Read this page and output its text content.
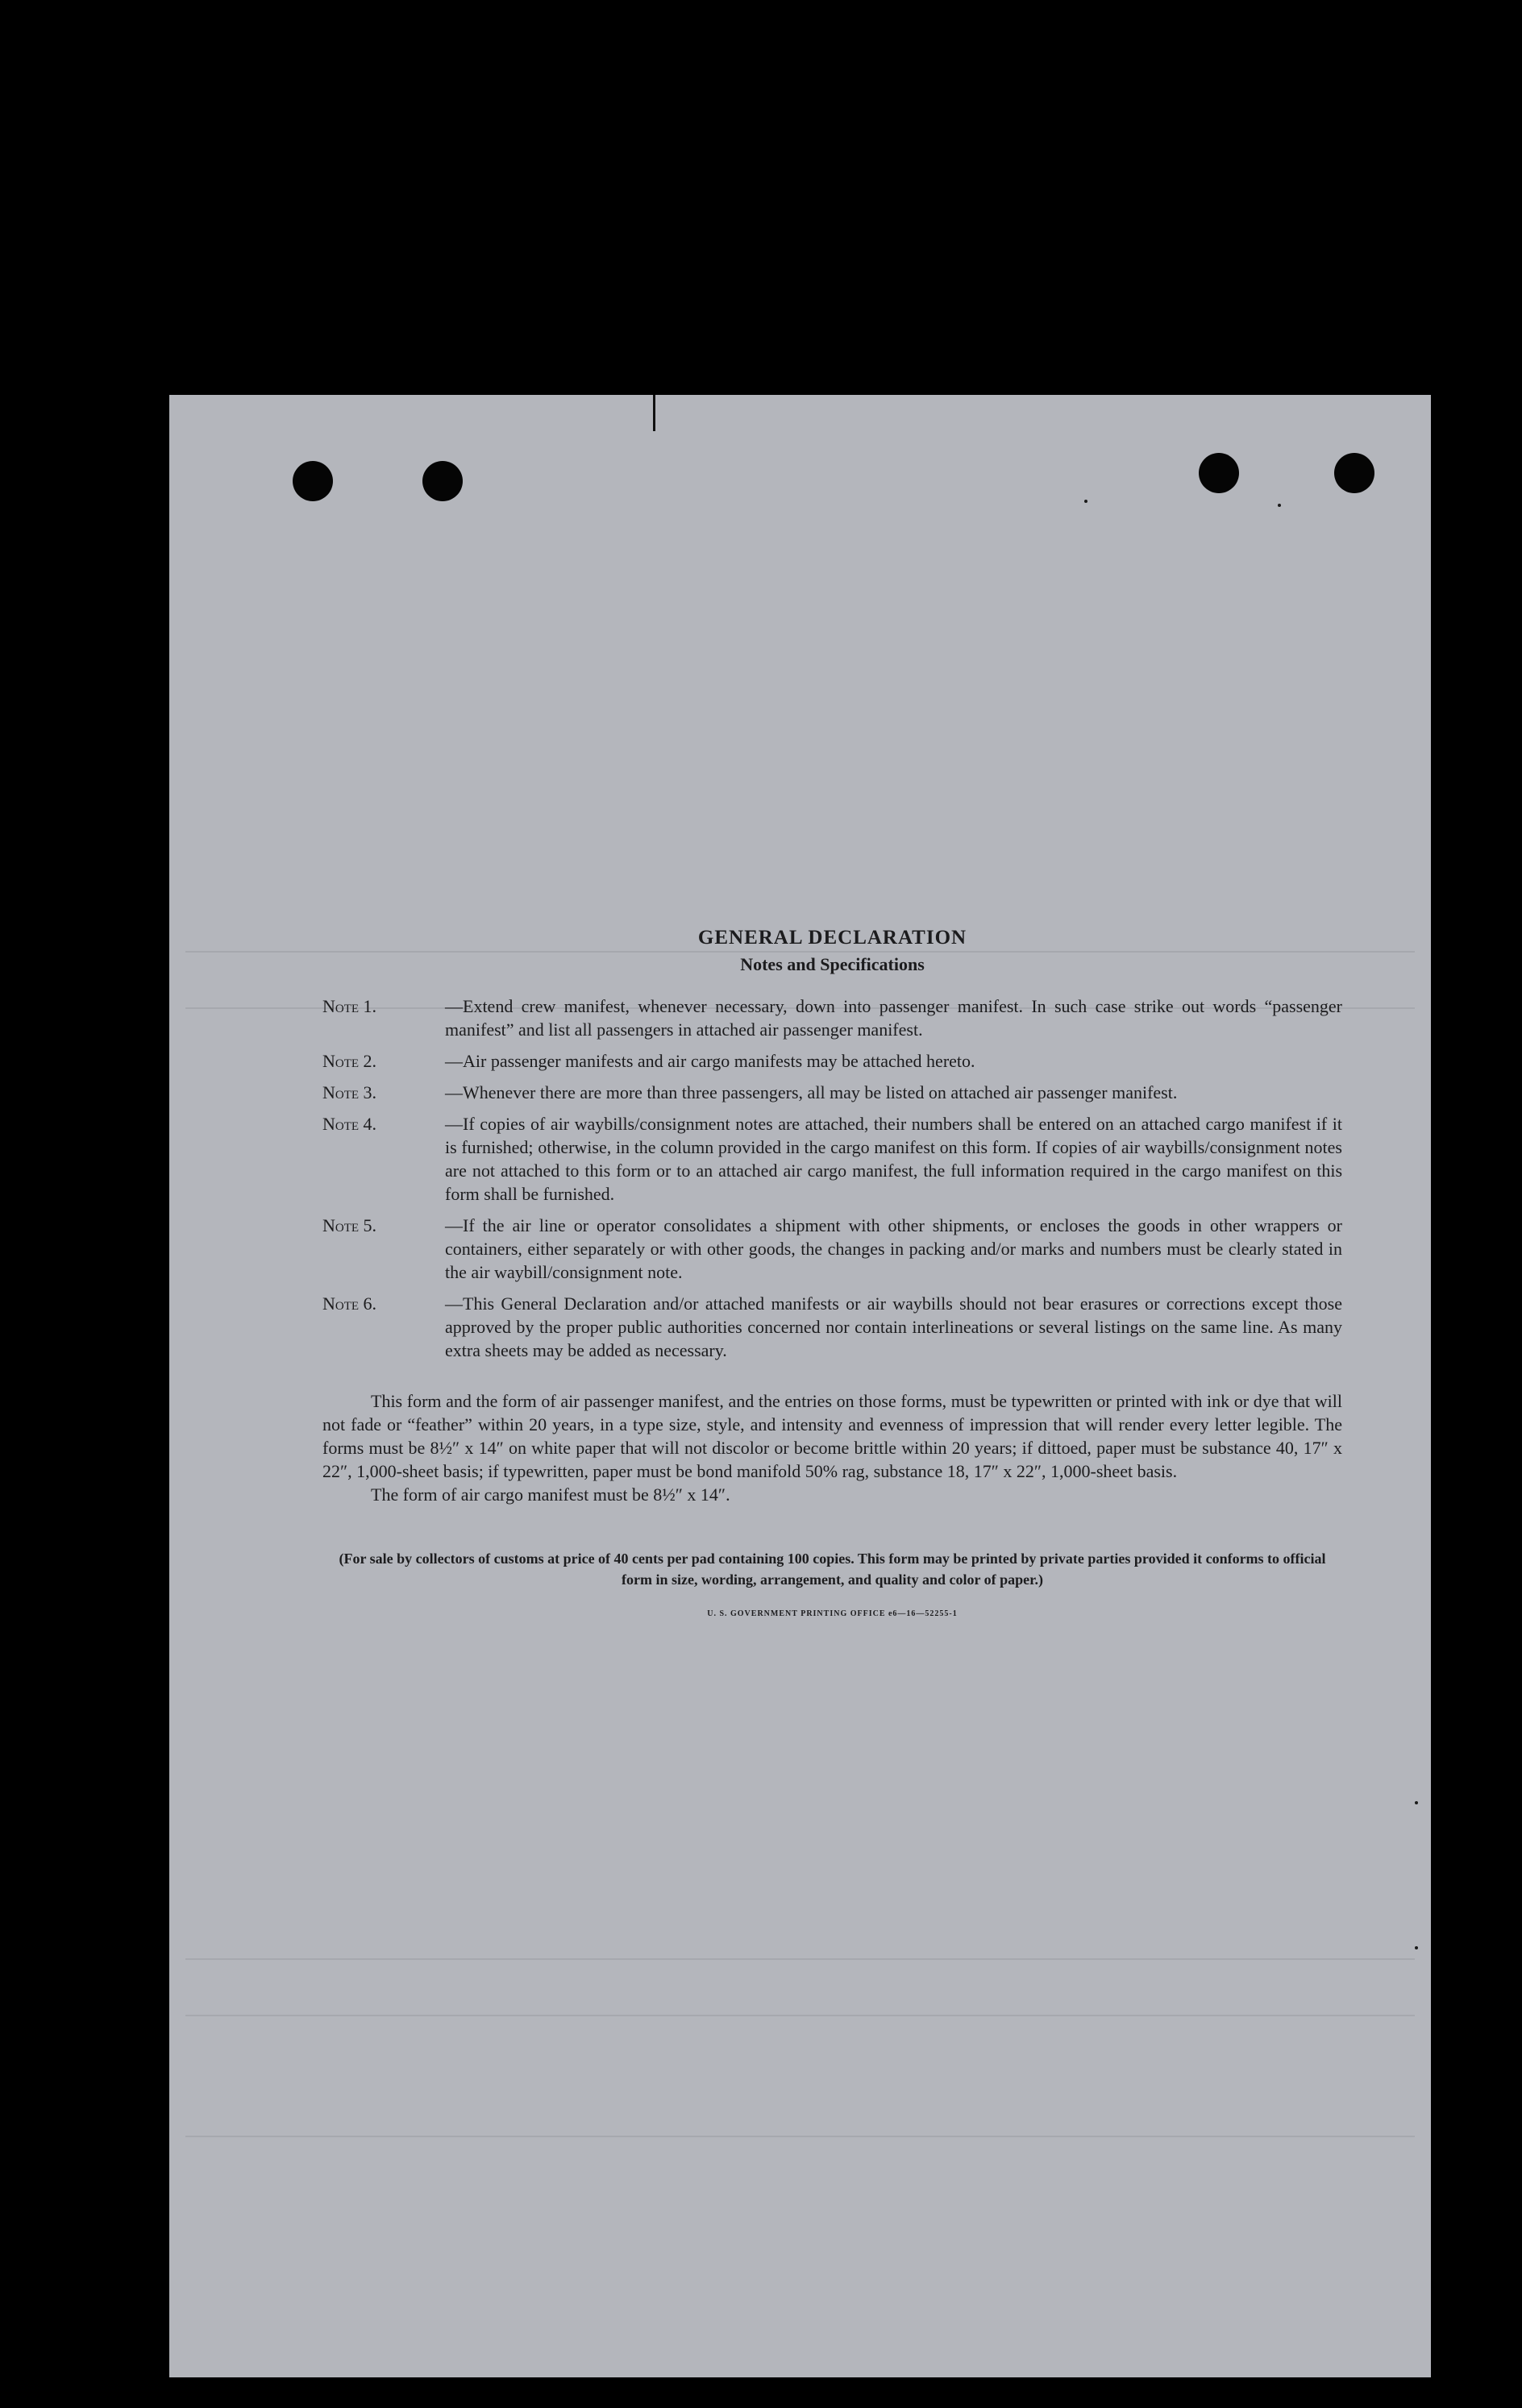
GENERAL DECLARATION
Notes and Specifications
Note 1.	—Extend crew manifest, whenever necessary, down into passenger manifest. In such case strike out words “passenger manifest” and list all passengers in attached air passenger manifest.
Note 2.	—Air passenger manifests and air cargo manifests may be attached hereto.
Note 3.	—Whenever there are more than three passengers, all may be listed on attached air passenger manifest.
Note 4.	—If copies of air waybills/consignment notes are attached, their numbers shall be entered on an attached cargo manifest if it is furnished; otherwise, in the column provided in the cargo manifest on this form. If copies of air waybills/consignment notes are not attached to this form or to an attached air cargo manifest, the full information required in the cargo manifest on this form shall be furnished.
Note 5.	—If the air line or operator consolidates a shipment with other shipments, or encloses the goods in other wrappers or containers, either separately or with other goods, the changes in packing and/or marks and numbers must be clearly stated in the air waybill/consignment note.
Note 6.	—This General Declaration and/or attached manifests or air waybills should not bear erasures or corrections except those approved by the proper public authorities concerned nor contain interlineations or several listings on the same line. As many extra sheets may be added as necessary.

This form and the form of air passenger manifest, and the entries on those forms, must be typewritten or printed with ink or dye that will not fade or “feather” within 20 years, in a type size, style, and intensity and evenness of impression that will render every letter legible. The forms must be 8½″ x 14″ on white paper that will not discolor or become brittle within 20 years; if dittoed, paper must be substance 40, 17″ x 22″, 1,000-sheet basis; if typewritten, paper must be bond manifold 50% rag, substance 18, 17″ x 22″, 1,000-sheet basis.

The form of air cargo manifest must be 8½″ x 14″.

(For sale by collectors of customs at price of 40 cents per pad containing 100 copies. This form may be printed by private parties provided it conforms to official form in size, wording, arrangement, and quality and color of paper.)

U. S. GOVERNMENT PRINTING OFFICE e6—16—52255-1
